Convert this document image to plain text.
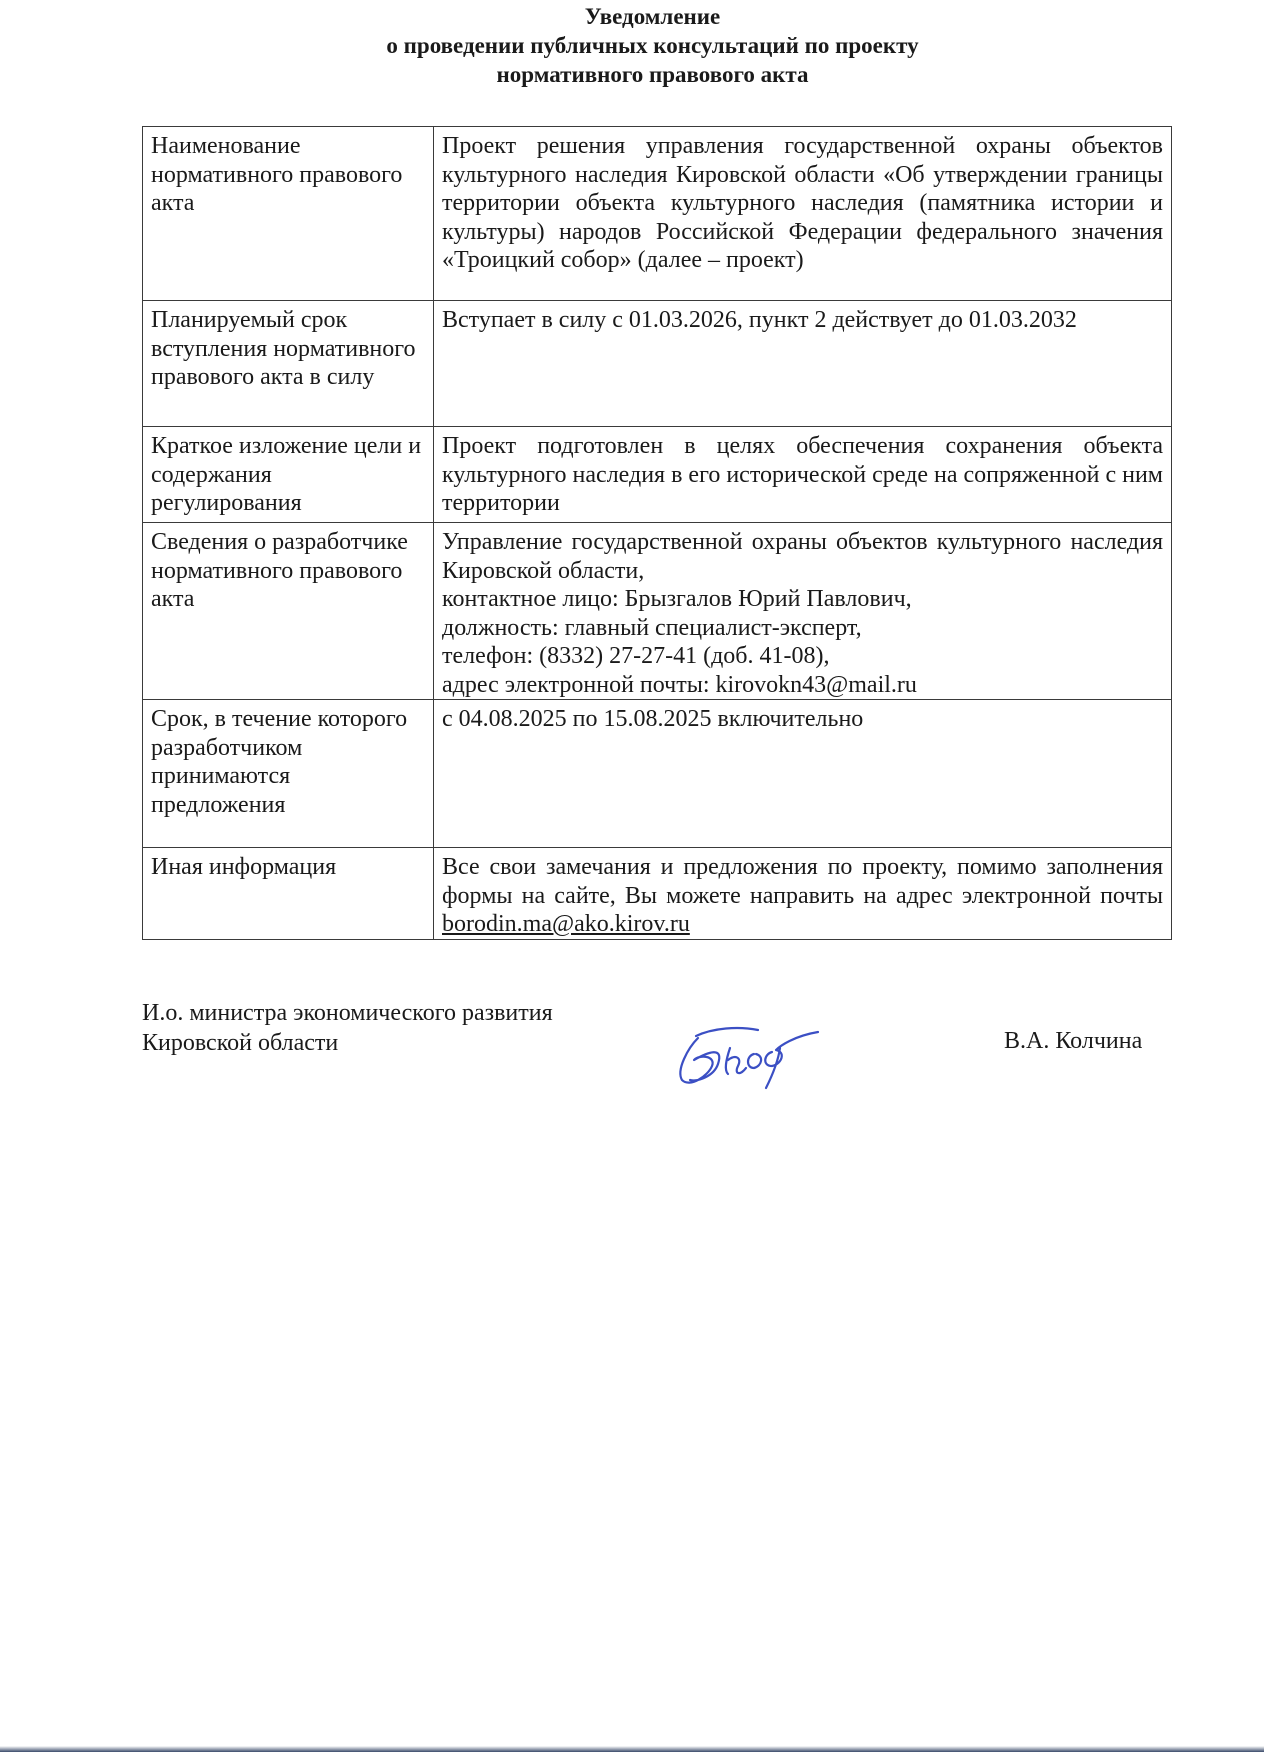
Уведомление
о проведении публичных консультаций по проекту
нормативного правового акта
Наименование нормативного правового акта	Проект решения управления государственной охраны объектов культурного наследия Кировской области «Об утверждении границы территории объекта культурного наследия (памятника истории и культуры) народов Российской Федерации федерального значения «Троицкий собор» (далее – проект)
Планируемый срок вступления нормативного правового акта в силу	Вступает в силу с 01.03.2026, пункт 2 действует до 01.03.2032
Краткое изложение цели и содержания регулирования	Проект подготовлен в целях обеспечения сохранения объекта культурного наследия в его исторической среде на сопряженной с ним территории
Сведения о разработчике нормативного правового акта	Управление государственной охраны объектов культурного наследия Кировской области,
контактное лицо: Брызгалов Юрий Павлович,
должность: главный специалист-эксперт,
телефон: (8332) 27-27-41 (доб. 41-08),
адрес электронной почты: kirovokn43@mail.ru

Срок, в течение которого разработчиком принимаются предложения	с 04.08.2025 по 15.08.2025 включительно
Иная информация	Все свои замечания и предложения по проекту, помимо заполнения формы на сайте, Вы можете направить на адрес электронной почты borodin.ma@ako.kirov.ru
И.о. министра экономического развития
Кировской области	В.А. Колчина
